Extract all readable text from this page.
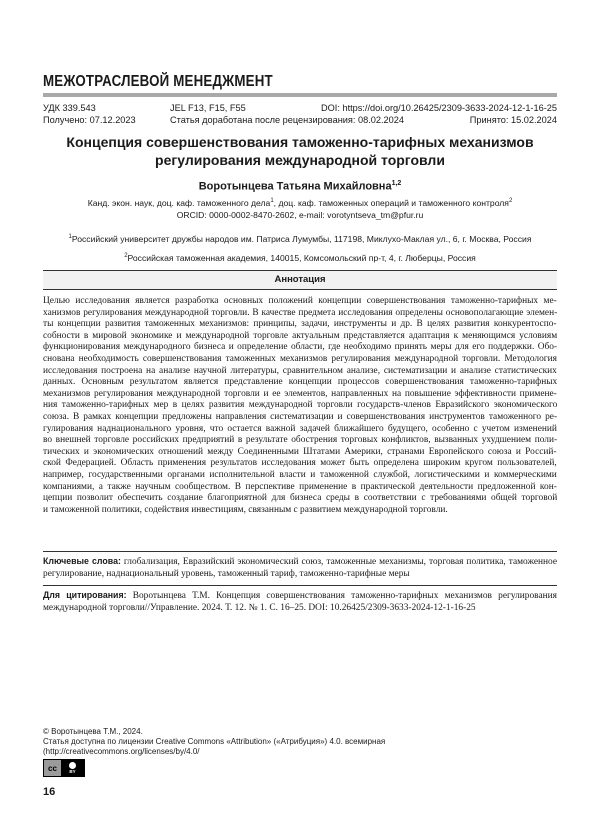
МЕЖОТРАСЛЕВОЙ МЕНЕДЖМЕНТ
УДК 339.543	JEL F13, F15, F55	DOI: https://doi.org/10.26425/2309-3633-2024-12-1-16-25
Получено: 07.12.2023	Статья доработана после рецензирования: 08.02.2024	Принято: 15.02.2024
Концепция совершенствования таможенно-тарифных механизмов
регулирования международной торговли
Воротынцева Татьяна Михайловна$^{1,2}$
Канд. экон. наук, доц. каф. таможенного дела$^1$, доц. каф. таможенных операций и таможенного контроля$^2$
ORCID: 0000-0002-8470-2602, e-mail: vorotyntseva_tm@pfur.ru
$^1$Российский университет дружбы народов им. Патриса Лумумбы, 117198, Миклухо-Маклая ул., 6, г. Москва, Россия
$^2$Российская таможенная академия, 140015, Комсомольский пр-т, 4, г. Люберцы, Россия
Аннотация
Целью исследования является разработка основных положений концепции совершенствования таможенно-тарифных ме-
ханизмов регулирования международной торговли. В качестве предмета исследования определены основополагающие элемен-
ты концепции развития таможенных механизмов: принципы, задачи, инструменты и др. В целях развития конкурентоспо-
собности в мировой экономике и международной торговле актуальным представляется адаптация к меняющимся условиям
функционирования международного бизнеса и определение области, где необходимо принять меры для его поддержки. Обо-
снована необходимость совершенствования таможенных механизмов регулирования международной торговли. Методология
исследования построена на анализе научной литературы, сравнительном анализе, систематизации и анализе статистических
данных. Основным результатом является представление концепции процессов совершенствования таможенно-тарифных
механизмов регулирования международной торговли и ее элементов, направленных на повышение эффективности примене-
ния таможенно-тарифных мер в целях развития международной торговли государств-членов Евразийского экономического
союза. В рамках концепции предложены направления систематизации и совершенствования инструментов таможенного ре-
гулирования наднационального уровня, что остается важной задачей ближайшего будущего, особенно с учетом изменений
во внешней торговле российских предприятий в результате обострения торговых конфликтов, вызванных ухудшением поли-
тических и экономических отношений между Соединенными Штатами Америки, странами Европейского союза и Россий-
ской Федерацией. Область применения результатов исследования может быть определена широким кругом пользователей,
например, государственными органами исполнительной власти и таможенной службой, логистическими и коммерческими
компаниями, а также научным сообществом. В перспективе применение в практической деятельности предложенной кон-
цепции позволит обеспечить создание благоприятной для бизнеса среды в соответствии с требованиями общей торговой
и таможенной политики, содействия инвестициям, связанным с развитием международной торговли.
Ключевые слова: глобализация, Евразийский экономический союз, таможенные механизмы, торговая политика, таможенное регулирование, наднациональный уровень, таможенный тариф, таможенно-тарифные меры
Для цитирования: Воротынцева Т.М. Концепция совершенствования таможенно-тарифных механизмов регулирования международной торговли//Управление. 2024. Т. 12. № 1. С. 16–25. DOI: 10.26425/2309-3633-2024-12-1-16-25
© Воротынцева Т.М., 2024.
Статья доступна по лицензии Creative Commons «Attribution» («Атрибуция») 4.0. всемирная
(http://creativecommons.org/licenses/by/4.0/
cc	BY
16
